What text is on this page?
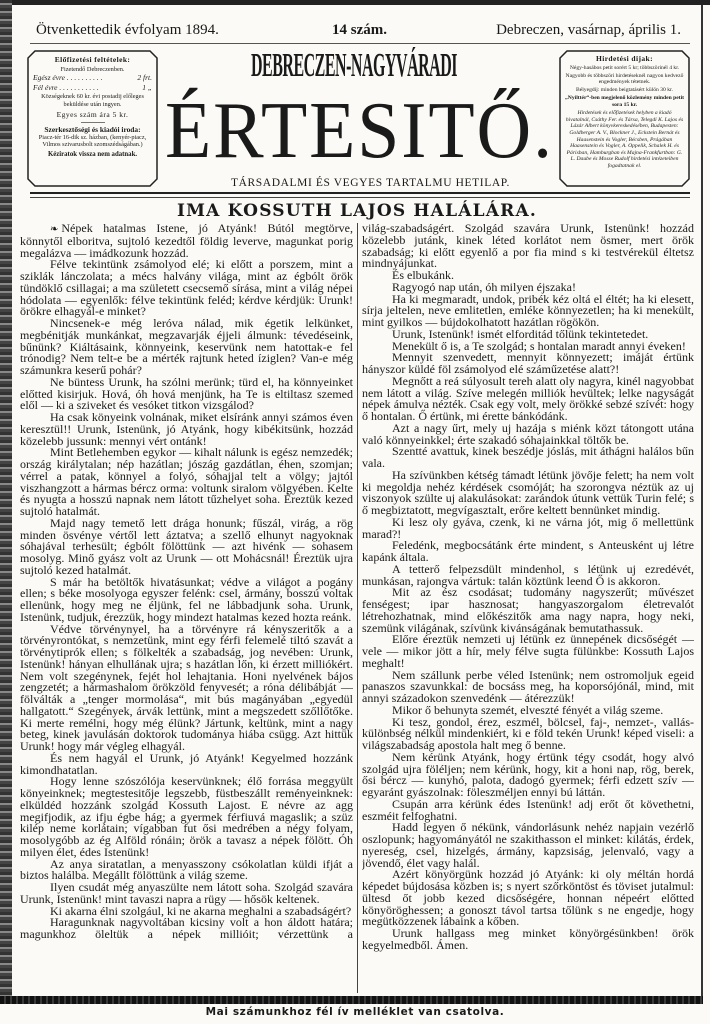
Ötvenkettedik évfolyam 1894.	14 szám.	Debreczen, vasárnap, április 1.
Előfizetési feltételek:
Fizetendő Debreczenben.
Egész évre . . . . . . . . . .	2 frt.
Fél évre . . . . . . . . . . .	1 „
Községeknek 60 kr. évi postadij előleges beküldése után ingyen.
Egyes szám ára 5 kr.
Szerkesztőségi és kiadói iroda:
Piacz-tér 16-dik sz. házban, (kenyér-piacz, Vilmos szivarusbolt szomszédságában.)
Kéziratok vissza nem adatnak.
Hirdetési dijak:

Négy-hasábos petit sorért 5 kr; többszörinél 4 kr.

Nagyobb és többszöri hirdetéseknél nagyon kedvező engedmények tétetnek.

Bélyegdij: minden beigtatásért külön 30 kr.

„Nyilttér“-ben megjelenő közlemény minden petit sora 15 kr.

Hirdetések és előfizetések helyben a kiadó hivatalnál, Csáthy Fer. és Társa, Telegdi K. Lajos és Lázár Albert könyvkereskedésében, Budapesten: Goldberger A. V., Blockner J., Eckstein Bernát és Haasenstein és Vogler, Bécsben, Prágában Haasenstein és Vogler, A. Oppelik, Schalek H. és Párisban, Hamburgban és Majna-Frankfurtban: G. L. Daube és Mosse Rudolf hirdetési intézeteiben fogadtatnak el.

DEBRECZEN-NAGYVÁRADI
ÉRTESITŐ.
TÁRSADALMI ÉS VEGYES TARTALMU HETILAP.
IMA KOSSUTH LAJOS HALÁLÁRA.

❧ Népek hatalmas Istene, jó Atyánk! Bútól megtörve, könnytől elboritva, sujtoló kezedtől földig leverve, magunkat porig megalázva — imádkozunk hozzád.

Félve tekintünk zsámolyod elé; ki előtt a porszem, mint a sziklák lánczolata; a mécs halvány világa, mint az égbólt örök tündöklő csillagai; a ma született csecsemő sírása, mint a világ népei hódolata — egyenlők: félve tekintünk feléd; kérdve kérdjük: Urunk! örökre elhagyál-e minket?

Nincsenek-e még leróva nálad, mik égetik lelkünket, megbénitják munkánkat, megzavarják éjjeli álmunk: tévedéseink, bűnünk? Kiáltásaink, könnyeink, keservünk nem hatottak-e fel trónodig? Nem telt-e be a mérték rajtunk heted íziglen? Van-e még számunkra keserű pohár?

Ne büntess Urunk, ha szólni merünk; türd el, ha könnyeinket előtted kisirjuk. Hová, óh hová menjünk, ha Te is eltiltasz szemed elől — ki a sziveket és vesóket titkon vizsgálod?

Ha csak könyeink volnának, miket elsíránk annyi számos éven keresztül!! Urunk, Istenünk, jó Atyánk, hogy kibékitsünk, hozzád közelebb jussunk: mennyi vért ontánk!

Mint Betlehemben egykor — kihalt nálunk is egész nemzedék; ország királytalan; nép hazátlan; jószág gazdátlan, éhen, szomjan; vérrel a patak, könnyel a folyó, sóhajjal telt a völgy; jajtól viszhangzott a hármas bércz orma: voltunk siralom völgyében. Kelte és nyugta a hosszú napnak nem látott tűzhelyet soha. Éreztük kezed sujtoló hatalmát.

Majd nagy temető lett drága honunk; fűszál, virág, a rög minden ösvénye vértől lett áztatva; a szellő elhunyt nagyoknak sóhajával terhesült; égbólt fölöttünk — azt hivénk — sohasem mosolyg. Minő gyász volt az Urunk — ott Mohácsnál! Éreztük ujra sujtoló kezed hatalmát.

S már ha betöltők hivatásunkat; védve a világot a pogány ellen; s béke mosolyoga egyszer felénk: csel, ármány, bosszú voltak ellenünk, hogy meg ne éljünk, fel ne lábbadjunk soha. Urunk, Istenünk, tudjuk, érezzük, hogy mindezt hatalmas kezed hozta reánk.

Védve törvénynyel, ha a törvényre rá kényszeritők a a törvényrontókat, s nemzetünk, mint egy férfi felemelé tiltó szavát a törvénytiprók ellen; s fölkelték a szabadság, jog nevében: Urunk, Istenünk! hányan elhullának ujra; s hazátlan lőn, ki érzett milliókért. Nem volt szegénynek, fejét hol lehajtania. Honi nyelvének bájos zengzetét; a hármashalom örökzöld fenyvesét; a róna délibábját — fölválták a „tenger mormolása“, mit bús magányában „egyedül hallgatott.“ Szegények, árvák lettünk, mint a megszedett szőllőtőke. Ki merte remélni, hogy még élünk? Jártunk, keltünk, mint a nagy beteg, kinek javulásán doktorok tudománya hiába csügg. Azt hittük Urunk! hogy már végleg elhagyál.

És nem hagyál el Urunk, jó Atyánk! Kegyelmed hozzánk kimondhatatlan.

Hogy lenne szószólója keservünknek; élő forrása meggyült könyeinknek; megtestesitője legszebb, füstbeszállt reményeinknek: elküldéd hozzánk szolgád Kossuth Lajost. E névre az agg megifjodik, az ifju égbe hág; a gyermek férfiuvá magaslik; a szüz kilép neme korlátain; vígabban fut ősi medrében a négy folyam, mosolygóbb az ég Alföld rónáin; örök a tavasz a népek fölött. Óh milyen élet, édes Istenünk!

Az anya siratatlan, a menyasszony csókolatlan küldi ifját a biztos halálba. Megállt fölöttünk a világ szeme.

Ilyen csudát még anyaszülte nem látott soha. Szolgád szavára Urunk, Istenünk! mint tavaszi napra a rügy — hősök keltenek.

Ki akarna élni szolgául, ki ne akarna meghalni a szabadságért?

Haragunknak nagyvoltában kicsiny volt a hon áldott határa; magunkhoz öleltük a népek millióit; vérzettünk a

világ-szabadságért. Szolgád szavára Urunk, Istenünk! hozzád közelebb jutánk, kinek léted korlátot nem ösmer, mert örök szabadság; ki előtt egyenlő a por fia mind s ki testvérekül éltetsz mindnyájunkat.

És elbukánk.

Ragyogó nap után, óh milyen éjszaka!

Ha ki megmaradt, undok, pribék kéz oltá el éltét; ha ki elesett, sírja jeltelen, neve emlitetlen, emléke könnyezetlen; ha ki menekült, mint gyilkos — bújdokolhatott hazátlan rögökön.

Urunk, Istenünk! ismét elforditád tőlünk tekintetedet.

Menekült ő is, a Te szolgád; s hontalan maradt annyi éveken!

Mennyit szenvedett, mennyit könnyezett; imáját értünk hányszor küldé föl zsámolyod elé száműzetése alatt?!

Megnőtt a reá súlyosult tereh alatt oly nagyra, kinél nagyobbat nem látott a világ. Szíve melegén milliók hevültek; lelke nagyságát népek ámulva nézték. Csak egy volt, mely örökké sebzé szívét: hogy ő hontalan. Ő értünk, mi érette bánkódánk.

Azt a nagy űrt, mely uj hazája s miénk közt tátongott utána való könnyeinkkel; érte szakadó sóhajainkkal töltők be.

Szentté avattuk, kinek beszédje jóslás, mit áthágni halálos bűn vala.

Ha szívünkben kétség támadt létünk jövője felett; ha nem volt ki megoldja nehéz kérdések csomóját; ha szorongva néztük az uj viszonyok szülte uj alakulásokat: zarándok útunk vettük Turin felé; s ő megbiztatott, megvígasztalt, erőre keltett bennünket mindig.

Ki lesz oly gyáva, czenk, ki ne várna jót, mig ő mellettünk marad?!

Feledénk, megbocsátánk érte mindent, s Anteusként uj létre kapánk általa.

A tetterő felpezsdült mindenhol, s létünk uj ezredévét, munkásan, rajongva vártuk: talán köztünk leend Ő is akkoron.

Mit az ész csodásat; tudomány nagyszerűt; művészet fenségest; ipar hasznosat; hangyaszorgalom életrevalót létrehozhatnak, mind előkészitők ama nagy napra, hogy neki, szemünk világának, szívünk kivánságának bemutathassuk.

Előre éreztük nemzeti uj létünk ez ünnepének dicsőségét — vele — mikor jött a hír, mely félve sugta fülünkbe: Kossuth Lajos meghalt!

Nem szállunk perbe véled Istenünk; nem ostromoljuk egeid panaszos szavunkkal: de bocsáss meg, ha koporsójónál, mind, mit annyi századokon szenvedénk — átérezzük!

Mikor ő behunyta szemét, elveszté fényét a világ szeme.

Ki tesz, gondol, érez, eszmél, bölcsel, faj-, nemzet-, vallás-különbség nélkül mindenkiért, ki e föld tekén Urunk! képed viseli: a világszabadság apostola halt meg ő benne.

Nem kérünk Atyánk, hogy értünk tégy csodát, hogy alvó szolgád ujra föléljen; nem kérünk, hogy, kit a honi nap, rög, berek, ősi bércz — kunyhó, palota, dadogó gyermek; férfi edzett szív — egyaránt gyászolnak: föleszméljen ennyi bú láttán.

Csupán arra kérünk édes Istenünk! adj erőt őt követhetni, eszméit felfoghatni.

Hadd legyen ő nékünk, vándorlásunk nehéz napjain vezérlő oszlopunk; hagyományától ne szakithasson el minket: kilátás, érdek, nyereség, csel, hizelgés, ármány, kapzsiság, jelenvaló, vagy a jövendő, élet vagy halál.

Azért könyörgünk hozzád jó Atyánk: ki oly méltán hordá képedet bújdosása közben is; s nyert szőrköntöst és töviset jutalmul: ültesd őt jobb kezed dicsőségére, honnan népeért előtted könyöröghessen; a gonoszt távol tartsa tőlünk s ne engedje, hogy megütközzenek lábaink a kőben.

Urunk hallgass meg minket könyörgésünkben! örök kegyelmedből. Ámen.

Mai számunkhoz fél ív melléklet van csatolva.
